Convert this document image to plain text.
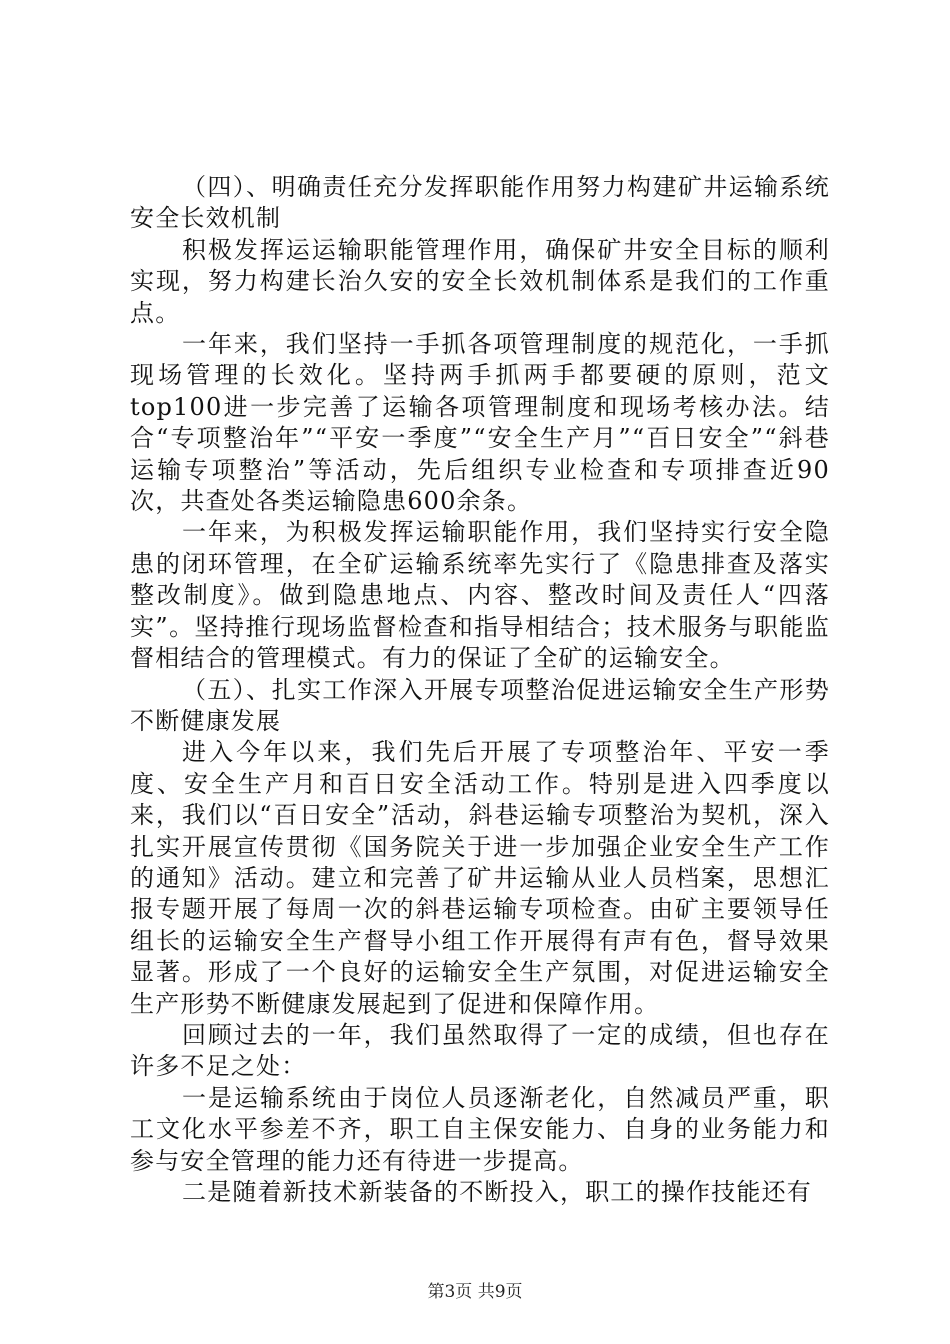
（四）、明确责任充分发挥职能作用努力构建矿井运输系统安全长效机制

积极发挥运运输职能管理作用，确保矿井安全目标的顺利实现，努力构建长治久安的安全长效机制体系是我们的工作重点。

一年来，我们坚持一手抓各项管理制度的规范化，一手抓现场管理的长效化。坚持两手抓两手都要硬的原则，范文top100进一步完善了运输各项管理制度和现场考核办法。结合“专项整治年”“平安一季度”“安全生产月”“百日安全”“斜巷运输专项整治”等活动，先后组织专业检查和专项排查近90次，共查处各类运输隐患600余条。

一年来，为积极发挥运输职能作用，我们坚持实行安全隐患的闭环管理，在全矿运输系统率先实行了《隐患排查及落实整改制度》。做到隐患地点、内容、整改时间及责任人“四落实”。坚持推行现场监督检查和指导相结合；技术服务与职能监督相结合的管理模式。有力的保证了全矿的运输安全。

（五）、扎实工作深入开展专项整治促进运输安全生产形势不断健康发展

进入今年以来，我们先后开展了专项整治年、平安一季度、安全生产月和百日安全活动工作。特别是进入四季度以来，我们以“百日安全”活动，斜巷运输专项整治为契机，深入扎实开展宣传贯彻《国务院关于进一步加强企业安全生产工作的通知》活动。建立和完善了矿井运输从业人员档案，思想汇报专题开展了每周一次的斜巷运输专项检查。由矿主要领导任组长的运输安全生产督导小组工作开展得有声有色，督导效果显著。形成了一个良好的运输安全生产氛围，对促进运输安全生产形势不断健康发展起到了促进和保障作用。

回顾过去的一年，我们虽然取得了一定的成绩，但也存在许多不足之处：

一是运输系统由于岗位人员逐渐老化，自然减员严重，职工文化水平参差不齐，职工自主保安能力、自身的业务能力和参与安全管理的能力还有待进一步提高。

二是随着新技术新装备的不断投入，职工的操作技能还有

第3页 共9页
